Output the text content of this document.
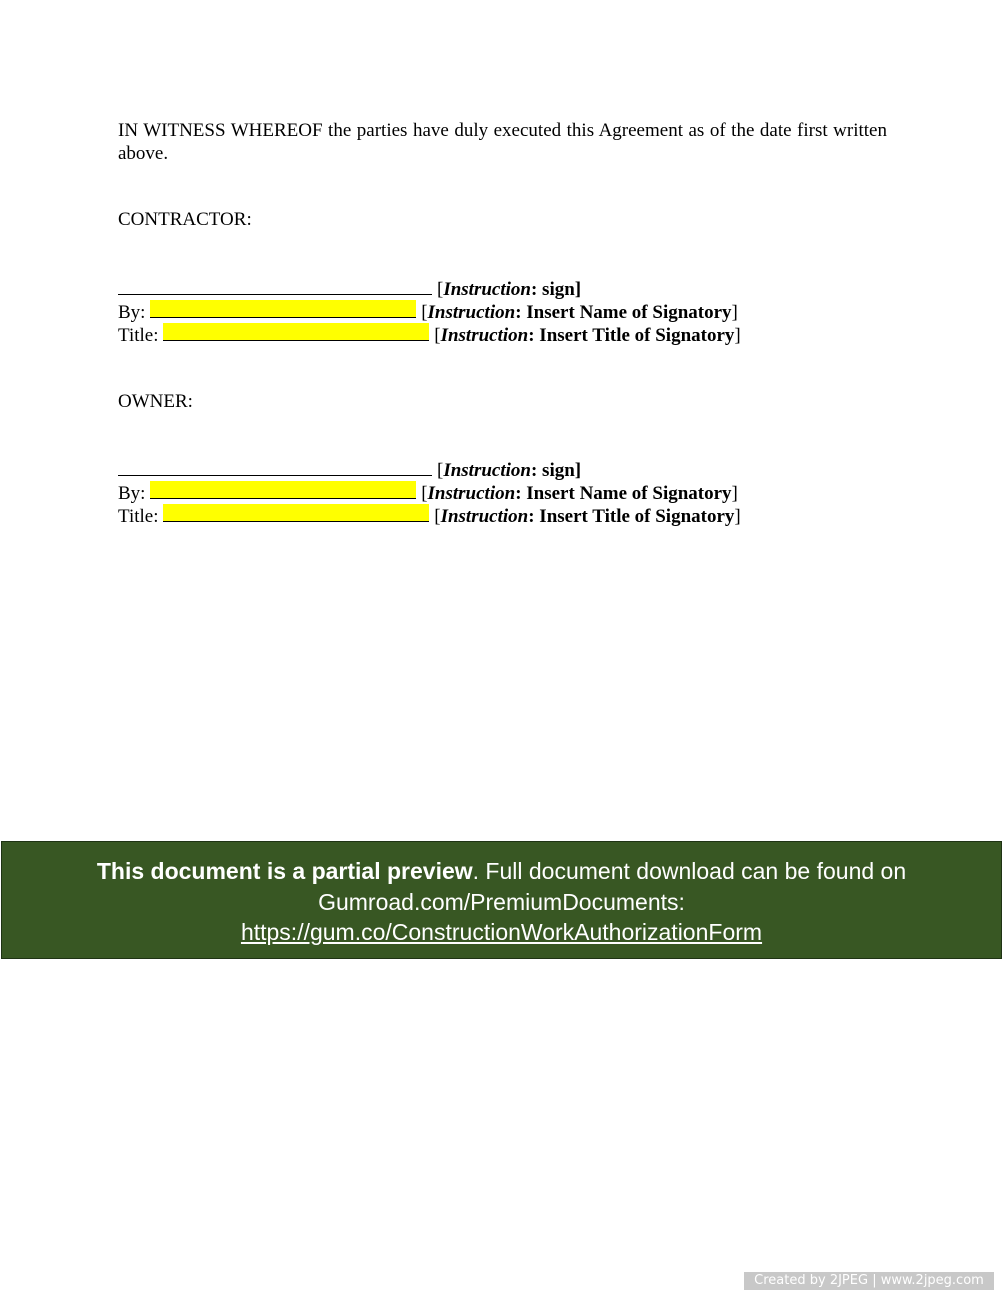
IN WITNESS WHEREOF the parties have duly executed this Agreement as of the date first written above.
CONTRACTOR:
[Instruction: sign]
By:	[Instruction: Insert Name of Signatory]
Title:	[Instruction: Insert Title of Signatory]
OWNER:
[Instruction: sign]
By:	[Instruction: Insert Name of Signatory]
Title:	[Instruction: Insert Title of Signatory]
This document is a partial preview. Full document download can be found on
Gumroad.com/PremiumDocuments:
https://gum.co/ConstructionWorkAuthorizationForm
Created by 2JPEG | www.2jpeg.com
